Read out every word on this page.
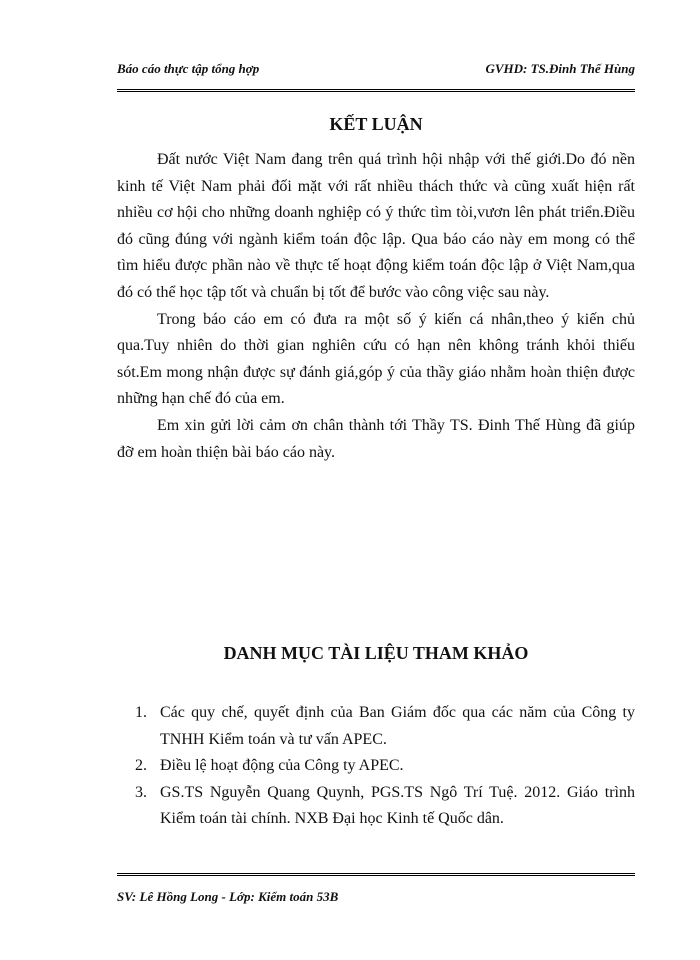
Báo cáo thực tập tổng hợp	GVHD: TS.Đinh Thế Hùng
KẾT LUẬN

Đất nước Việt Nam đang trên quá trình hội nhập với thế giới.Do đó nền kinh tế Việt Nam phải đối mặt với rất nhiều thách thức và cũng xuất hiện rất nhiều cơ hội cho những doanh nghiệp có ý thức tìm tòi,vươn lên phát triển.Điều đó cũng đúng với ngành kiểm toán độc lập. Qua báo cáo này em mong có thể tìm hiểu được phần nào về thực tế hoạt động kiểm toán độc lập ở Việt Nam,qua đó có thể học tập tốt và chuẩn bị tốt để bước vào công việc sau này.

Trong báo cáo em có đưa ra một số ý kiến cá nhân,theo ý kiến chủ qua.Tuy nhiên do thời gian nghiên cứu có hạn nên không tránh khỏi thiếu sót.Em mong nhận được sự đánh giá,góp ý của thầy giáo nhằm hoàn thiện được những hạn chế đó của em.

Em xin gửi lời cảm ơn chân thành tới Thầy TS. Đinh Thế Hùng đã giúp đỡ em hoàn thiện bài báo cáo này.

DANH MỤC TÀI LIỆU THAM KHẢO
1. Các quy chế, quyết định của Ban Giám đốc qua các năm của Công ty TNHH Kiểm toán và tư vấn APEC.
2. Điều lệ hoạt động của Công ty APEC.
3. GS.TS Nguyễn Quang Quynh, PGS.TS Ngô Trí Tuệ. 2012. Giáo trình Kiểm toán tài chính. NXB Đại học Kinh tế Quốc dân.
SV: Lê Hồng Long - Lớp: Kiểm toán 53B
